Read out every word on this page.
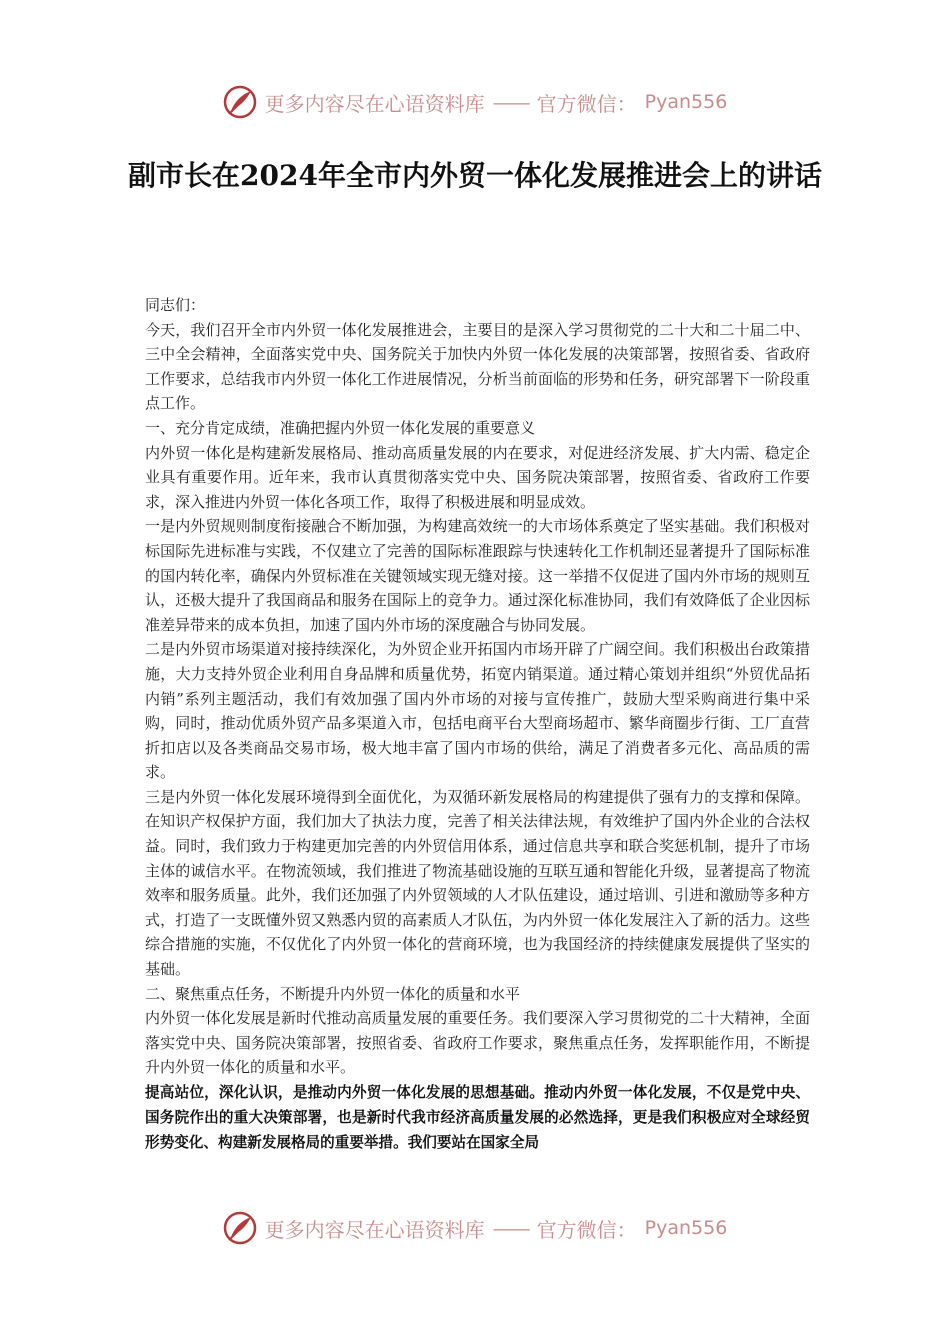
更多内容尽在心语资料库 —— 官方微信： Pyan556
副市长在2024年全市内外贸一体化发展推进会上的讲话

同志们：

今天，我们召开全市内外贸一体化发展推进会，主要目的是深入学习贯彻党的二十大和二十届二中、三中全会精神，全面落实党中央、国务院关于加快内外贸一体化发展的决策部署，按照省委、省政府工作要求，总结我市内外贸一体化工作进展情况，分析当前面临的形势和任务，研究部署下一阶段重点工作。

一、充分肯定成绩，准确把握内外贸一体化发展的重要意义

内外贸一体化是构建新发展格局、推动高质量发展的内在要求，对促进经济发展、扩大内需、稳定企业具有重要作用。近年来，我市认真贯彻落实党中央、国务院决策部署，按照省委、省政府工作要求，深入推进内外贸一体化各项工作，取得了积极进展和明显成效。

一是内外贸规则制度衔接融合不断加强，为构建高效统一的大市场体系奠定了坚实基础。我们积极对标国际先进标准与实践，不仅建立了完善的国际标准跟踪与快速转化工作机制还显著提升了国际标准的国内转化率，确保内外贸标准在关键领域实现无缝对接。这一举措不仅促进了国内外市场的规则互认，还极大提升了我国商品和服务在国际上的竞争力。通过深化标准协同，我们有效降低了企业因标准差异带来的成本负担，加速了国内外市场的深度融合与协同发展。

二是内外贸市场渠道对接持续深化，为外贸企业开拓国内市场开辟了广阔空间。我们积极出台政策措施，大力支持外贸企业利用自身品牌和质量优势，拓宽内销渠道。通过精心策划并组织“外贸优品拓内销”系列主题活动，我们有效加强了国内外市场的对接与宣传推广，鼓励大型采购商进行集中采购，同时，推动优质外贸产品多渠道入市，包括电商平台大型商场超市、繁华商圈步行街、工厂直营折扣店以及各类商品交易市场，极大地丰富了国内市场的供给，满足了消费者多元化、高品质的需求。

三是内外贸一体化发展环境得到全面优化，为双循环新发展格局的构建提供了强有力的支撑和保障。在知识产权保护方面，我们加大了执法力度，完善了相关法律法规，有效维护了国内外企业的合法权益。同时，我们致力于构建更加完善的内外贸信用体系，通过信息共享和联合奖惩机制，提升了市场主体的诚信水平。在物流领域，我们推进了物流基础设施的互联互通和智能化升级，显著提高了物流效率和服务质量。此外，我们还加强了内外贸领域的人才队伍建设，通过培训、引进和激励等多种方式，打造了一支既懂外贸又熟悉内贸的高素质人才队伍，为内外贸一体化发展注入了新的活力。这些综合措施的实施，不仅优化了内外贸一体化的营商环境，也为我国经济的持续健康发展提供了坚实的基础。

二、聚焦重点任务，不断提升内外贸一体化的质量和水平

内外贸一体化发展是新时代推动高质量发展的重要任务。我们要深入学习贯彻党的二十大精神，全面落实党中央、国务院决策部署，按照省委、省政府工作要求，聚焦重点任务，发挥职能作用，不断提升内外贸一体化的质量和水平。

提高站位，深化认识，是推动内外贸一体化发展的思想基础。推动内外贸一体化发展，不仅是党中央、国务院作出的重大决策部署，也是新时代我市经济高质量发展的必然选择，更是我们积极应对全球经贸形势变化、构建新发展格局的重要举措。我们要站在国家全局

更多内容尽在心语资料库 —— 官方微信： Pyan556
